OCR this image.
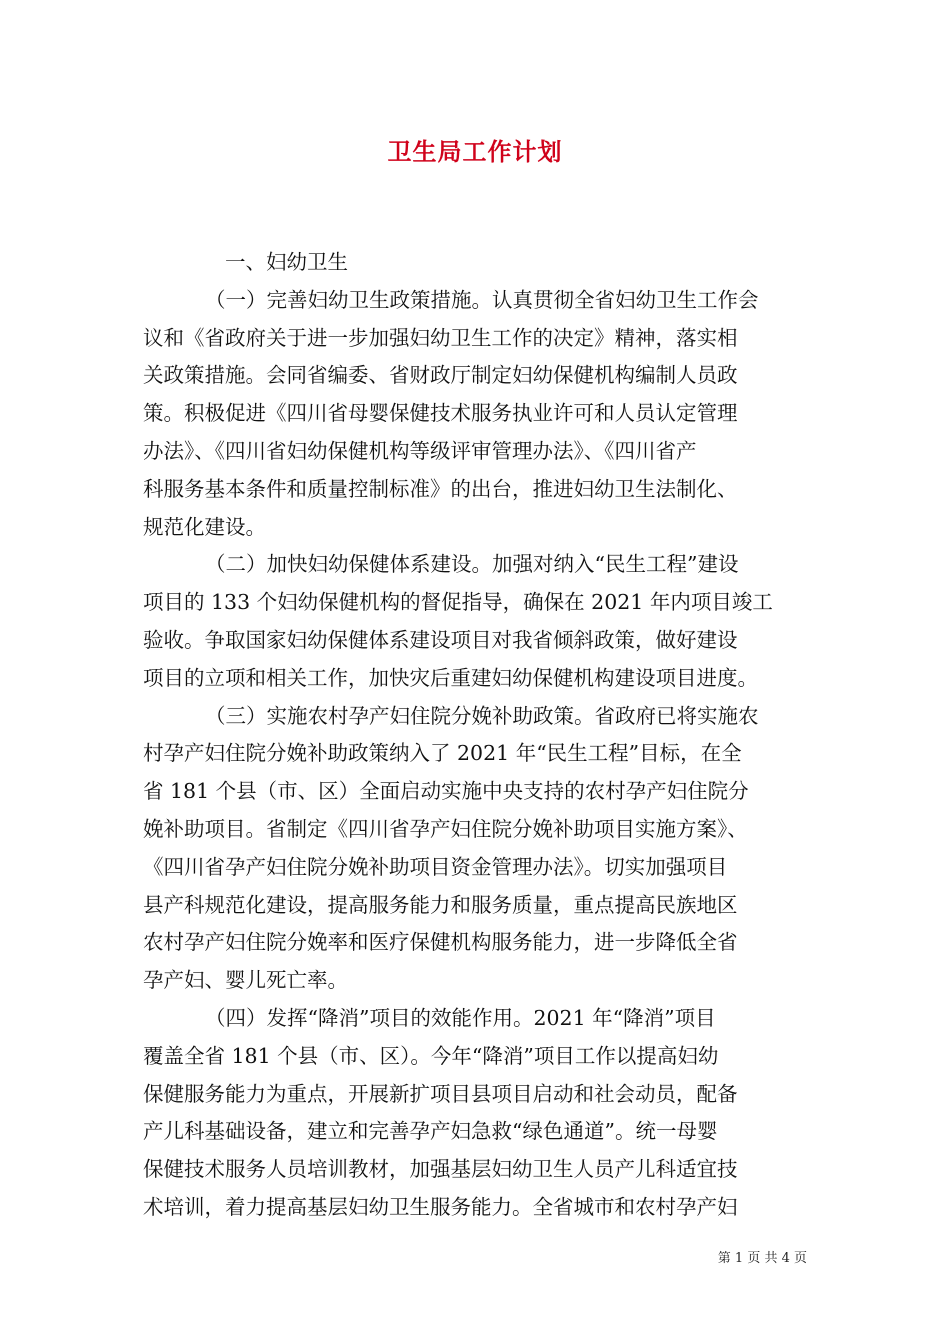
卫生局工作计划
一、妇幼卫生
（一）完善妇幼卫生政策措施。认真贯彻全省妇幼卫生工作会
议和《省政府关于进一步加强妇幼卫生工作的决定》精神，落实相
关政策措施。会同省编委、省财政厅制定妇幼保健机构编制人员政
策。积极促进《四川省母婴保健技术服务执业许可和人员认定管理
办法》、《四川省妇幼保健机构等级评审管理办法》、《四川省产
科服务基本条件和质量控制标准》的出台，推进妇幼卫生法制化、
规范化建设。
（二）加快妇幼保健体系建设。加强对纳入“民生工程”建设
项目的 133 个妇幼保健机构的督促指导，确保在 2021 年内项目竣工
验收。争取国家妇幼保健体系建设项目对我省倾斜政策，做好建设
项目的立项和相关工作，加快灾后重建妇幼保健机构建设项目进度。
（三）实施农村孕产妇住院分娩补助政策。省政府已将实施农
村孕产妇住院分娩补助政策纳入了 2021 年“民生工程”目标，在全
省 181 个县（市、区）全面启动实施中央支持的农村孕产妇住院分
娩补助项目。省制定《四川省孕产妇住院分娩补助项目实施方案》、
《四川省孕产妇住院分娩补助项目资金管理办法》。切实加强项目
县产科规范化建设，提高服务能力和服务质量，重点提高民族地区
农村孕产妇住院分娩率和医疗保健机构服务能力，进一步降低全省
孕产妇、婴儿死亡率。
（四）发挥“降消”项目的效能作用。2021 年“降消”项目
覆盖全省 181 个县（市、区）。今年“降消”项目工作以提高妇幼
保健服务能力为重点，开展新扩项目县项目启动和社会动员，配备
产儿科基础设备，建立和完善孕产妇急救“绿色通道”。统一母婴
保健技术服务人员培训教材，加强基层妇幼卫生人员产儿科适宜技
术培训，着力提高基层妇幼卫生服务能力。全省城市和农村孕产妇
第 1 页 共 4 页
